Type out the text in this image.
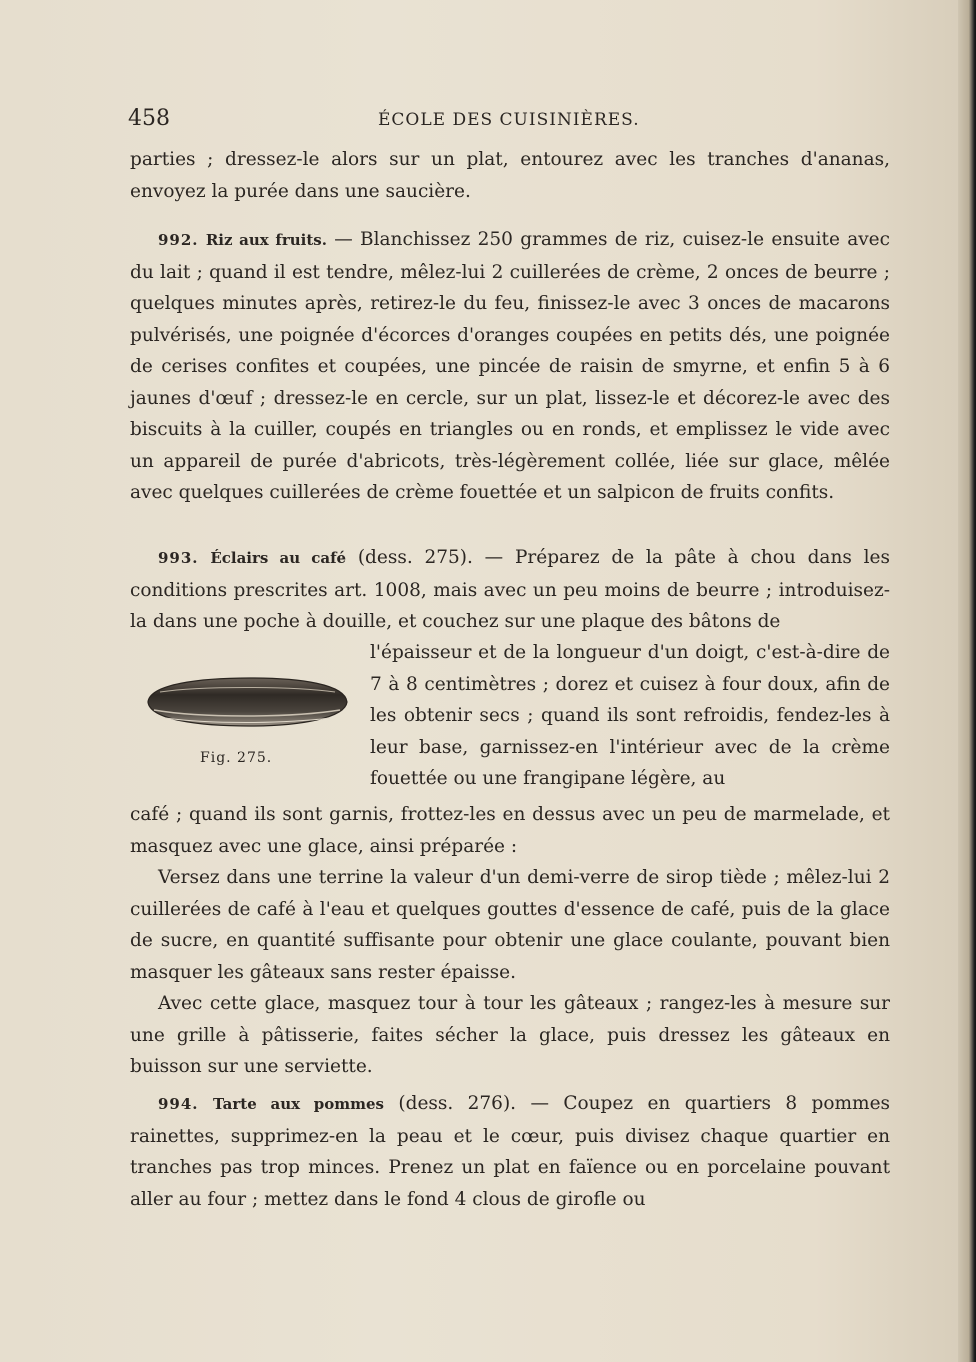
458	ÉCOLE DES CUISINIÈRES.

parties ; dressez-le alors sur un plat, entourez avec les tranches d'ananas, envoyez la purée dans une saucière.

992. Riz aux fruits. — Blanchissez 250 grammes de riz, cuisez-le ensuite avec du lait ; quand il est tendre, mêlez-lui 2 cuillerées de crème, 2 onces de beurre ; quelques minutes après, retirez-le du feu, finissez-le avec 3 onces de macarons pulvérisés, une poignée d'écorces d'oranges coupées en petits dés, une poignée de cerises confites et coupées, une pincée de raisin de smyrne, et enfin 5 à 6 jaunes d'œuf ; dressez-le en cercle, sur un plat, lissez-le et décorez-le avec des biscuits à la cuiller, coupés en triangles ou en ronds, et emplissez le vide avec un appareil de purée d'abricots, très-légèrement collée, liée sur glace, mêlée avec quelques cuillerées de crème fouettée et un salpicon de fruits confits.

993. Éclairs au café (dess. 275). — Préparez de la pâte à chou dans les conditions prescrites art. 1008, mais avec un peu moins de beurre ; introduisez-la dans une poche à douille, et couchez sur une plaque des bâtons de

Fig. 275.

l'épaisseur et de la longueur d'un doigt, c'est-à-dire de 7 à 8 centimètres ; dorez et cuisez à four doux, afin de les obtenir secs ; quand ils sont refroidis, fendez-les à leur base, garnissez-en l'intérieur avec de la crème fouettée ou une frangipane légère, au

café ; quand ils sont garnis, frottez-les en dessus avec un peu de marmelade, et masquez avec une glace, ainsi préparée :

Versez dans une terrine la valeur d'un demi-verre de sirop tiède ; mêlez-lui 2 cuillerées de café à l'eau et quelques gouttes d'essence de café, puis de la glace de sucre, en quantité suffisante pour obtenir une glace coulante, pouvant bien masquer les gâteaux sans rester épaisse.

Avec cette glace, masquez tour à tour les gâteaux ; rangez-les à mesure sur une grille à pâtisserie, faites sécher la glace, puis dressez les gâteaux en buisson sur une serviette.

994. Tarte aux pommes (dess. 276). — Coupez en quartiers 8 pommes rainettes, supprimez-en la peau et le cœur, puis divisez chaque quartier en tranches pas trop minces. Prenez un plat en faïence ou en porcelaine pouvant aller au four ; mettez dans le fond 4 clous de girofle ou
